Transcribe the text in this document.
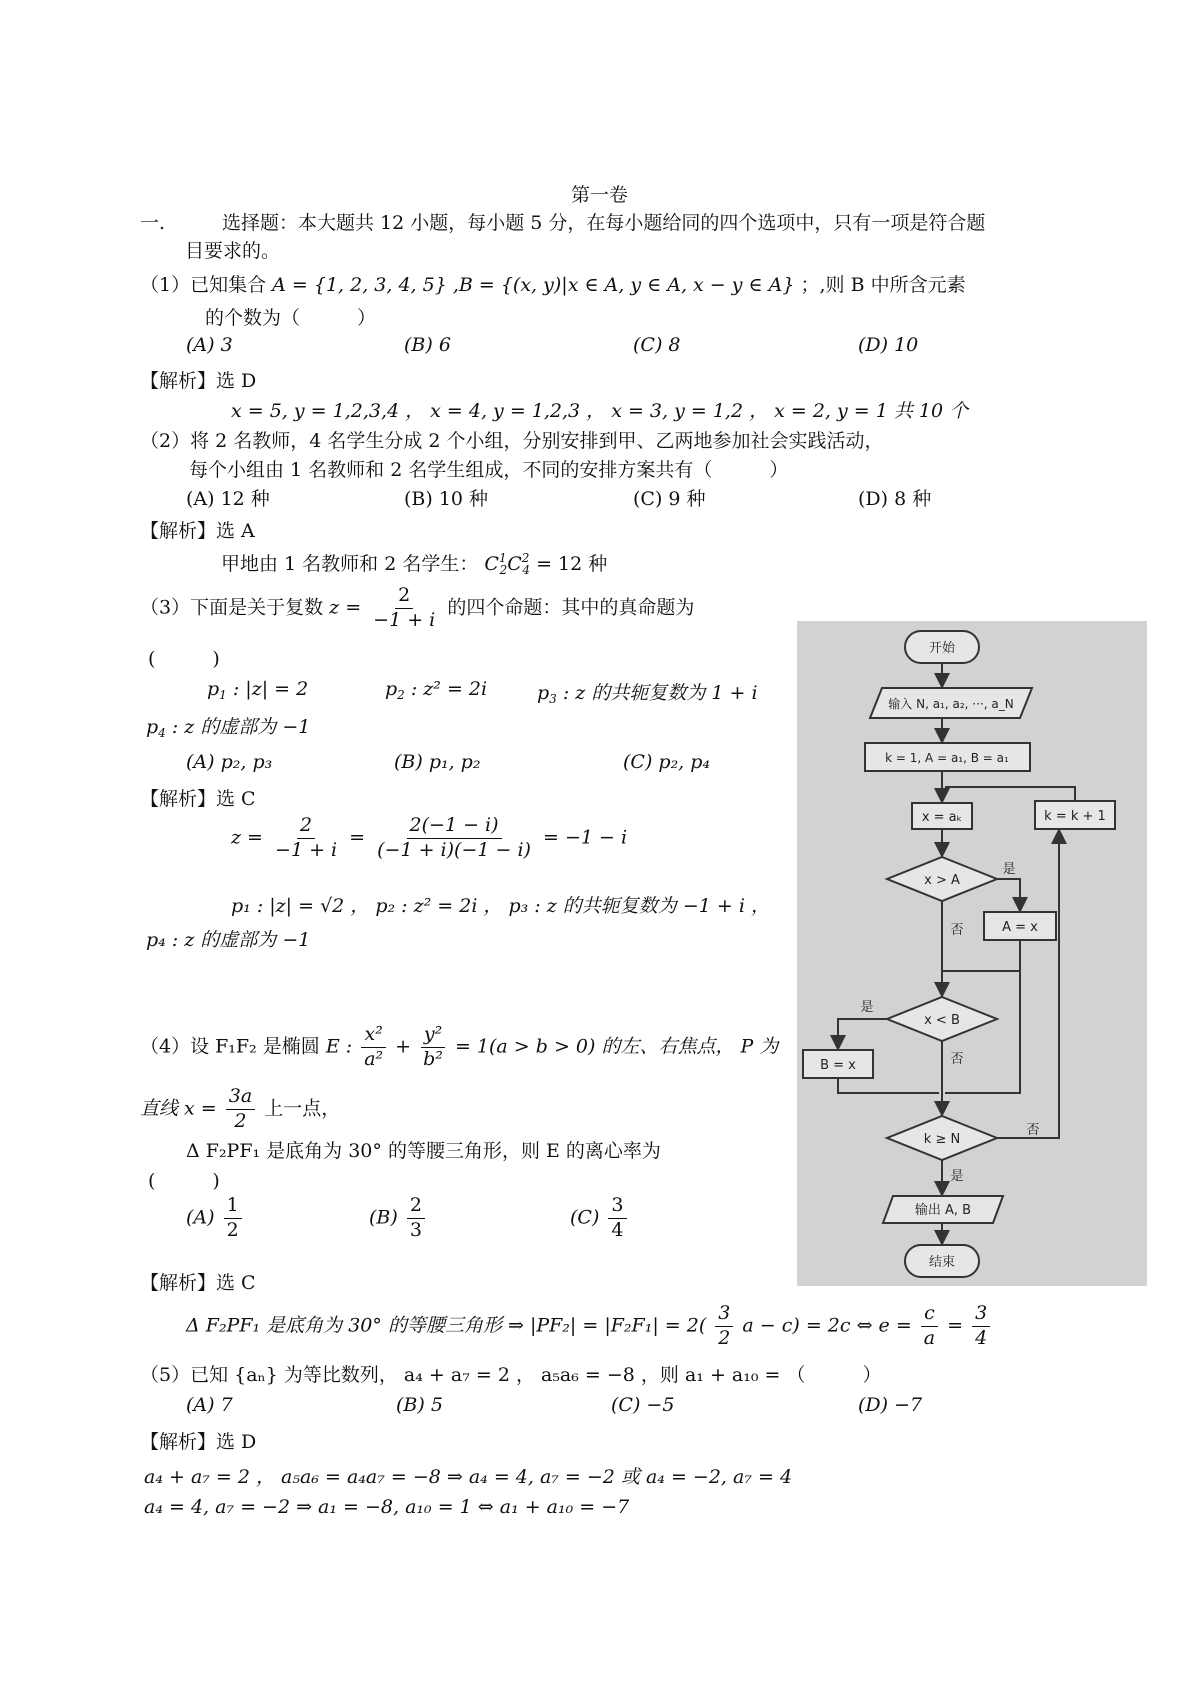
第一卷
一.	选择题：本大题共 12 小题，每小题 5 分，在每小题给同的四个选项中，只有一项是符合题
目要求的。
（1）已知集合 A = {1, 2, 3, 4, 5} ,B = {(x, y)|x ∈ A, y ∈ A, x − y ∈ A} ；,则 B 中所含元素
的个数为（　　　）
(A) 3	(B) 6	(C) 8	(D) 10
【解析】选 D
x = 5, y = 1,2,3,4 ， x = 4, y = 1,2,3 ， x = 3, y = 1,2 ， x = 2, y = 1 共 10 个
（2）将 2 名教师，4 名学生分成 2 个小组，分别安排到甲、乙两地参加社会实践活动，
每个小组由 1 名教师和 2 名学生组成，不同的安排方案共有（　　　）
(A) 12 种	(B) 10 种	(C) 9 种	(D) 8 种
【解析】选 A
甲地由 1 名教师和 2 名学生： $C^1_2C^2_4 = 12$ 种
（3）下面是关于复数 $z = \frac{2}{-1 + i}$ 的四个命题：其中的真命题为
(　　　)
$p_1$ : |z| = 2	$p_2$ : z² = 2i	$p_3$ : z 的共轭复数为 1 + i
$p_4$ : z 的虚部为 −1
(A) p₂, p₃	(B) p₁, p₂	(C) p₂, p₄
【解析】选 C
$z = \frac{2}{-1 + i} = \frac{2(-1 - i)}{(-1 + i)(-1 - i)} = -1 - i$
p₁ : |z| = √2 ， p₂ : z² = 2i ， p₃ : z 的共轭复数为 −1 + i ，
p₄ : z 的虚部为 −1
（4）设 F₁F₂ 是椭圆 E : $\frac{\text{x²}}{\text{a²}} + \frac{\text{y²}}{\text{b²}} = 1(a > b > 0)$ 的左、右焦点， P 为
直线 $x = \frac{3a}{2}$ 上一点，
Δ F₂PF₁ 是底角为 30° 的等腰三角形，则 E 的离心率为
(　　　)
$(A) \frac{1}{2}$	$(B) \frac{2}{3}$	$(C) \frac{3}{4}$
【解析】选 C
Δ F₂PF₁ 是底角为 30° 的等腰三角形 ⇒ $|PF_2| = |F_2F_1| = 2( \frac{3}{2}$ a − c) = 2c ⇔ $e = \frac{c}{a} = \frac{3}{4}$
（5）已知 {aₙ} 为等比数列， a₄ + a₇ = 2 ， a₅a₆ = −8 ，则 a₁ + a₁₀ = （　　　）
(A) 7	(B) 5	(C) −5	(D) −7
【解析】选 D
a₄ + a₇ = 2 ， a₅a₆ = a₄a₇ = −8 ⇒ a₄ = 4, a₇ = −2 或 a₄ = −2, a₇ = 4
a₄ = 4, a₇ = −2 ⇒ a₁ = −8, a₁₀ = 1 ⇔ a₁ + a₁₀ = −7
开始
输入 N, a₁, a₂, ···, a_N
k = 1, A = a₁, B = a₁
x = aₖ
x > A
A = x
x < B
B = x
k = k + 1
k ≥ N
输出 A, B
结束
是
否
是
否
否
是
